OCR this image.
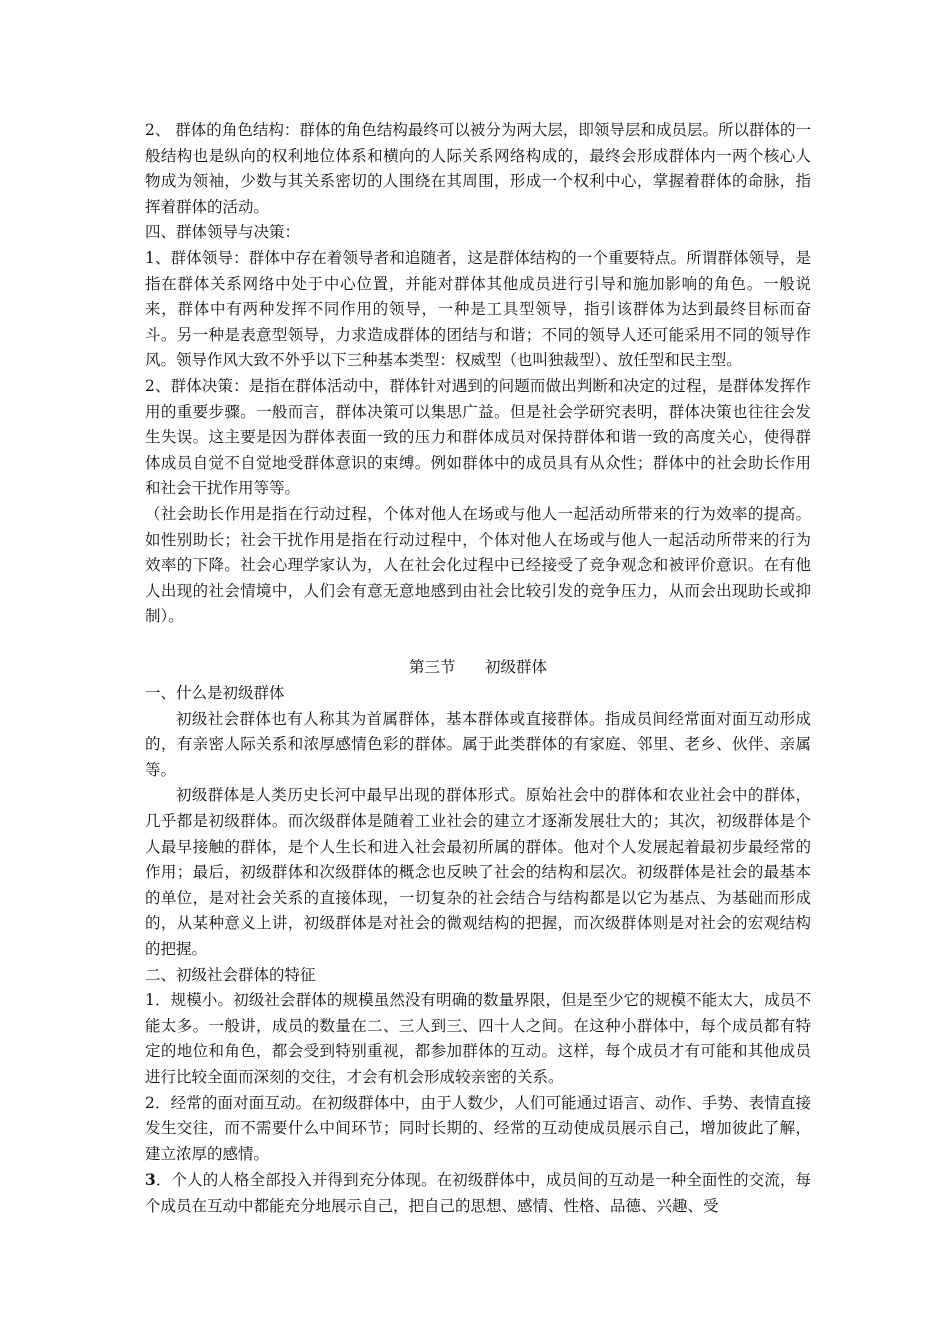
2、 群体的角色结构：群体的角色结构最终可以被分为两大层，即领导层和成员层。所以群体的一般结构也是纵向的权利地位体系和横向的人际关系网络构成的，最终会形成群体内一两个核心人物成为领袖，少数与其关系密切的人围绕在其周围，形成一个权利中心，掌握着群体的命脉，指挥着群体的活动。

四、群体领导与决策：

1、群体领导：群体中存在着领导者和追随者，这是群体结构的一个重要特点。所谓群体领导，是指在群体关系网络中处于中心位置，并能对群体其他成员进行引导和施加影响的角色。一般说来，群体中有两种发挥不同作用的领导，一种是工具型领导，指引该群体为达到最终目标而奋斗。另一种是表意型领导，力求造成群体的团结与和谐；不同的领导人还可能采用不同的领导作风。领导作风大致不外乎以下三种基本类型：权威型（也叫独裁型）、放任型和民主型。

2、群体决策：是指在群体活动中，群体针对遇到的问题而做出判断和决定的过程，是群体发挥作用的重要步骤。一般而言，群体决策可以集思广益。但是社会学研究表明，群体决策也往往会发生失误。这主要是因为群体表面一致的压力和群体成员对保持群体和谐一致的高度关心，使得群体成员自觉不自觉地受群体意识的束缚。例如群体中的成员具有从众性；群体中的社会助长作用和社会干扰作用等等。

（社会助长作用是指在行动过程，个体对他人在场或与他人一起活动所带来的行为效率的提高。如性别助长；社会干扰作用是指在行动过程中，个体对他人在场或与他人一起活动所带来的行为效率的下降。社会心理学家认为，人在社会化过程中已经接受了竞争观念和被评价意识。在有他人出现的社会情境中，人们会有意无意地感到由社会比较引发的竞争压力，从而会出现助长或抑制）。

第三节      初级群体

一、什么是初级群体

初级社会群体也有人称其为首属群体，基本群体或直接群体。指成员间经常面对面互动形成的，有亲密人际关系和浓厚感情色彩的群体。属于此类群体的有家庭、邻里、老乡、伙伴、亲属等。

初级群体是人类历史长河中最早出现的群体形式。原始社会中的群体和农业社会中的群体，几乎都是初级群体。而次级群体是随着工业社会的建立才逐渐发展壮大的；其次，初级群体是个人最早接触的群体，是个人生长和进入社会最初所属的群体。他对个人发展起着最初步最经常的作用；最后，初级群体和次级群体的概念也反映了社会的结构和层次。初级群体是社会的最基本的单位，是对社会关系的直接体现，一切复杂的社会结合与结构都是以它为基点、为基础而形成的，从某种意义上讲，初级群体是对社会的微观结构的把握，而次级群体则是对社会的宏观结构的把握。

二、初级社会群体的特征

1．规模小。初级社会群体的规模虽然没有明确的数量界限，但是至少它的规模不能太大，成员不能太多。一般讲，成员的数量在二、三人到三、四十人之间。在这种小群体中，每个成员都有特定的地位和角色，都会受到特别重视，都参加群体的互动。这样，每个成员才有可能和其他成员进行比较全面而深刻的交往，才会有机会形成较亲密的关系。

2．经常的面对面互动。在初级群体中，由于人数少，人们可能通过语言、动作、手势、表情直接发生交往，而不需要什么中间环节；同时长期的、经常的互动使成员展示自己，增加彼此了解，建立浓厚的感情。

3．个人的人格全部投入并得到充分体现。在初级群体中，成员间的互动是一种全面性的交流，每个成员在互动中都能充分地展示自己，把自己的思想、感情、性格、品德、兴趣、受
